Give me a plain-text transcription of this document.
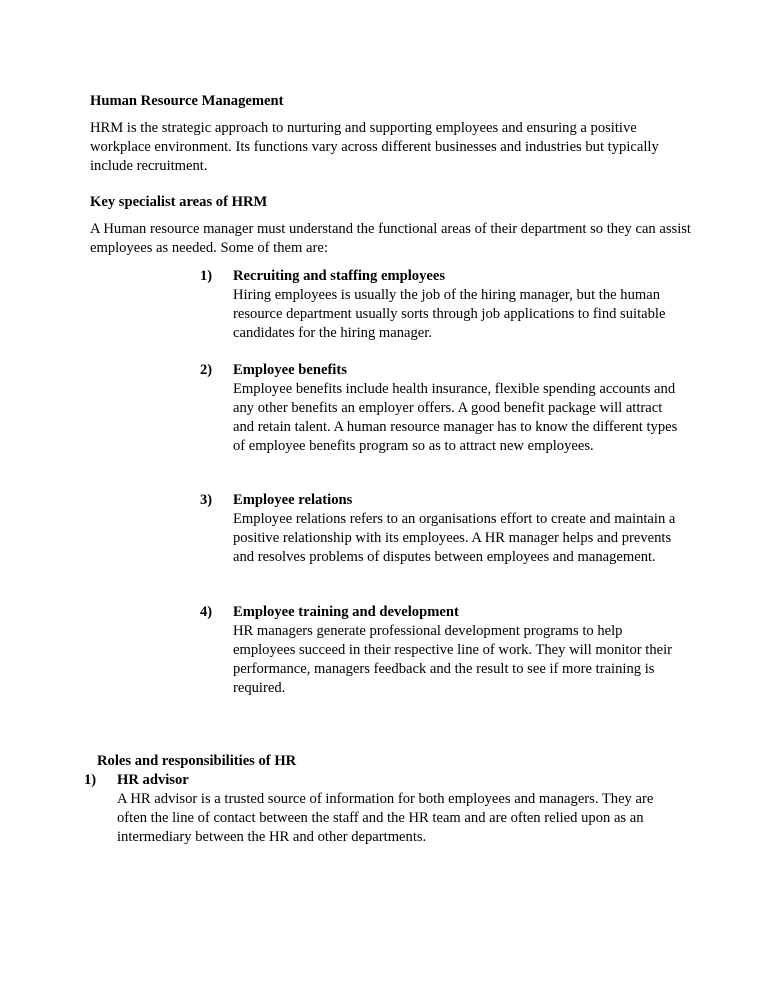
Human Resource Management
HRM is the strategic approach to nurturing and supporting employees and ensuring a positive workplace environment. Its functions vary across different businesses and industries but typically include recruitment.
Key specialist areas of HRM
A Human resource manager must understand the functional areas of their department so they can assist employees as needed. Some of them are:
1) Recruiting and staffing employees
Hiring employees is usually the job of the hiring manager, but the human resource department usually sorts through job applications to find suitable candidates for the hiring manager.
2) Employee benefits
Employee benefits include health insurance, flexible spending accounts and any other benefits an employer offers. A good benefit package will attract and retain talent. A human resource manager has to know the different types of employee benefits program so as to attract new employees.
3) Employee relations
Employee relations refers to an organisations effort to create and maintain a positive relationship with its employees. A HR manager helps and prevents and resolves problems of disputes between employees and management.
4) Employee training and development
HR managers generate professional development programs to help employees succeed in their respective line of work. They will monitor their performance, managers feedback and the result to see if more training is required.
Roles and responsibilities of HR
1) HR advisor
A HR advisor is a trusted source of information for both employees and managers. They are often the line of contact between the staff and the HR team and are often relied upon as an intermediary between the HR and other departments.
